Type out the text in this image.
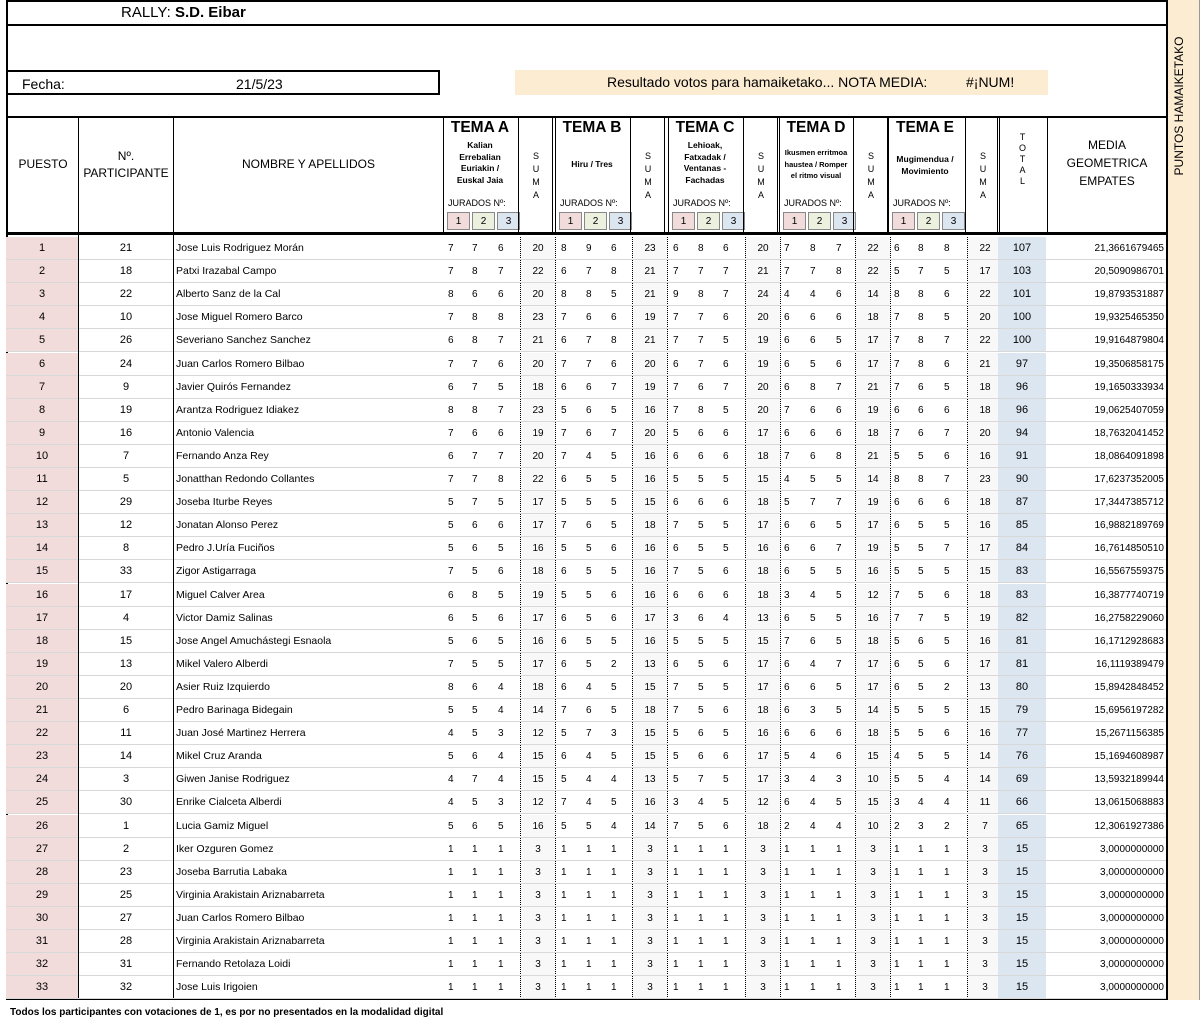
RALLY: S.D. Eibar
Fecha:	21/5/23	Resultado votos para hamaiketako... NOTA MEDIA:	#¡NUM!	PUNTOS HAMAIKETAKO
PUESTO
Nº.
PARTICIPANTE
NOMBRE Y APELLIDOS
MEDIA
GEOMETRICA
EMPATES
T
O
T
A
L
TEMA A
Kalian
Errebalian
Euriakin /
Euskal Jaia
JURADOS Nº:
1	2	3
S
U
M
A
TEMA B
Hiru / Tres
JURADOS Nº:
1	2	3
S
U
M
A
TEMA C
Lehioak,
Fatxadak /
Ventanas -
Fachadas
JURADOS Nº:
1	2	3
S
U
M
A
TEMA D
Ikusmen erritmoa
haustea / Romper
el ritmo visual
JURADOS Nº:
1	2	3
S
U
M
A
TEMA E
Mugimendua /
Movimiento
JURADOS Nº:
1	2	3
S
U
M
A
1	21	Jose Luis Rodriguez Morán	7 7 6	20	8 9 6	23	6 8 6	20	7 8 7	22	6 8 8	22	107	21,3661679465
2	18	Patxi Irazabal Campo	7 8 7	22	6 7 8	21	7 7 7	21	7 7 8	22	5 7 5	17	103	20,5090986701
3	22	Alberto Sanz de la Cal	8 6 6	20	8 8 5	21	9 8 7	24	4 4 6	14	8 8 6	22	101	19,8793531887
4	10	Jose Miguel Romero Barco	7 8 8	23	7 6 6	19	7 7 6	20	6 6 6	18	7 8 5	20	100	19,9325465350
5	26	Severiano Sanchez Sanchez	6 8 7	21	6 7 8	21	7 7 5	19	6 6 5	17	7 8 7	22	100	19,9164879804
6	24	Juan Carlos Romero Bilbao	7 7 6	20	7 7 6	20	6 7 6	19	6 5 6	17	7 8 6	21	97	19,3506858175
7	9	Javier Quirós Fernandez	6 7 5	18	6 6 7	19	7 6 7	20	6 8 7	21	7 6 5	18	96	19,1650333934
8	19	Arantza Rodriguez Idiakez	8 8 7	23	5 6 5	16	7 8 5	20	7 6 6	19	6 6 6	18	96	19,0625407059
9	16	Antonio Valencia	7 6 6	19	7 6 7	20	5 6 6	17	6 6 6	18	7 6 7	20	94	18,7632041452
10	7	Fernando Anza Rey	6 7 7	20	7 4 5	16	6 6 6	18	7 6 8	21	5 5 6	16	91	18,0864091898
11	5	Jonatthan Redondo Collantes	7 7 8	22	6 5 5	16	5 5 5	15	4 5 5	14	8 8 7	23	90	17,6237352005
12	29	Joseba Iturbe Reyes	5 7 5	17	5 5 5	15	6 6 6	18	5 7 7	19	6 6 6	18	87	17,3447385712
13	12	Jonatan Alonso Perez	5 6 6	17	7 6 5	18	7 5 5	17	6 6 5	17	6 5 5	16	85	16,9882189769
14	8	Pedro J.Uría Fuciños	5 6 5	16	5 5 6	16	6 5 5	16	6 6 7	19	5 5 7	17	84	16,7614850510
15	33	Zigor Astigarraga	7 5 6	18	6 5 5	16	7 5 6	18	6 5 5	16	5 5 5	15	83	16,5567559375
16	17	Miguel Calver Area	6 8 5	19	5 5 6	16	6 6 6	18	3 4 5	12	7 5 6	18	83	16,3877740719
17	4	Victor Damiz Salinas	6 5 6	17	6 5 6	17	3 6 4	13	6 5 5	16	7 7 5	19	82	16,2758229060
18	15	Jose Angel Amuchástegi Esnaola	5 6 5	16	6 5 5	16	5 5 5	15	7 6 5	18	5 6 5	16	81	16,1712928683
19	13	Mikel Valero Alberdi	7 5 5	17	6 5 2	13	6 5 6	17	6 4 7	17	6 5 6	17	81	16,1119389479
20	20	Asier Ruiz Izquierdo	8 6 4	18	6 4 5	15	7 5 5	17	6 6 5	17	6 5 2	13	80	15,8942848452
21	6	Pedro Barinaga Bidegain	5 5 4	14	7 6 5	18	7 5 6	18	6 3 5	14	5 5 5	15	79	15,6956197282
22	11	Juan José Martinez Herrera	4 5 3	12	5 7 3	15	5 6 5	16	6 6 6	18	5 5 6	16	77	15,2671156385
23	14	Mikel Cruz Aranda	5 6 4	15	6 4 5	15	5 6 6	17	5 4 6	15	4 5 5	14	76	15,1694608987
24	3	Giwen Janise Rodriguez	4 7 4	15	5 4 4	13	5 7 5	17	3 4 3	10	5 5 4	14	69	13,5932189944
25	30	Enrike Cialceta Alberdi	4 5 3	12	7 4 5	16	3 4 5	12	6 4 5	15	3 4 4	11	66	13,0615068883
26	1	Lucia Gamiz Miguel	5 6 5	16	5 5 4	14	7 5 6	18	2 4 4	10	2 3 2	7	65	12,3061927386
27	2	Iker Ozguren Gomez	1 1 1	3	1 1 1	3	1 1 1	3	1 1 1	3	1 1 1	3	15	3,0000000000
28	23	Joseba Barrutia Labaka	1 1 1	3	1 1 1	3	1 1 1	3	1 1 1	3	1 1 1	3	15	3,0000000000
29	25	Virginia Arakistain Ariznabarreta	1 1 1	3	1 1 1	3	1 1 1	3	1 1 1	3	1 1 1	3	15	3,0000000000
30	27	Juan Carlos Romero Bilbao	1 1 1	3	1 1 1	3	1 1 1	3	1 1 1	3	1 1 1	3	15	3,0000000000
31	28	Virginia Arakistain Ariznabarreta	1 1 1	3	1 1 1	3	1 1 1	3	1 1 1	3	1 1 1	3	15	3,0000000000
32	31	Fernando Retolaza Loidi	1 1 1	3	1 1 1	3	1 1 1	3	1 1 1	3	1 1 1	3	15	3,0000000000
33	32	Jose Luis Irigoien	1 1 1	3	1 1 1	3	1 1 1	3	1 1 1	3	1 1 1	3	15	3,0000000000
Todos los participantes con votaciones de 1, es por no presentados en la modalidad digital
